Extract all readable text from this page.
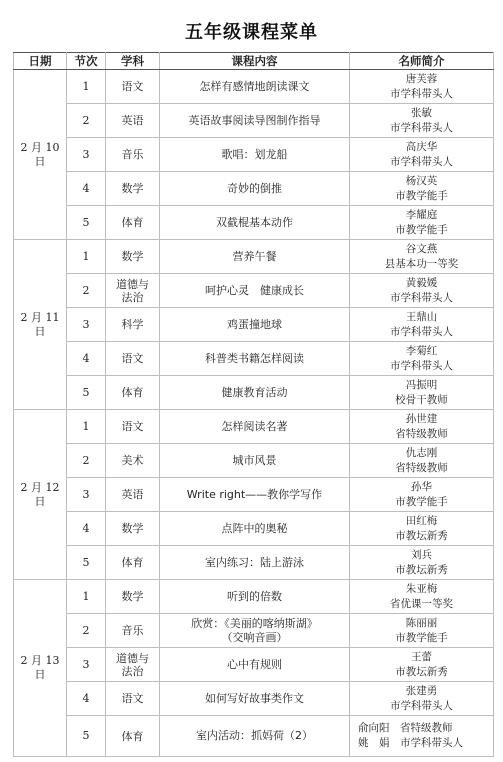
五年级课程菜单
日期	节次	学科	课程内容	名师简介
2 月 10 日	1	语文	怎样有感情地朗读课文	唐芙蓉
市学科带头人

	2	英语	英语故事阅读导图制作指导	张敏
市学科带头人

	3	音乐	歌唱：划龙船	高庆华
市学科带头人

	4	数学	奇妙的倒推	杨汉英
市教学能手

	5	体育	双截棍基本动作	李耀庭
市教学能手

2 月 11 日	1	数学	营养午餐	谷文燕
县基本功一等奖

	2	道德与
法治	呵护心灵　健康成长	黄毅媛
市学科带头人

	3	科学	鸡蛋撞地球	王鼎山
市学科带头人

	4	语文	科普类书籍怎样阅读	李菊红
市学科带头人

	5	体育	健康教育活动	冯振明
校骨干教师

2 月 12 日	1	语文	怎样阅读名著	孙世建
省特级教师

	2	美术	城市风景	仇志刚
省特级教师

	3	英语	Write right——教你学写作	孙华
市教学能手

	4	数学	点阵中的奥秘	田红梅
市教坛新秀

	5	体育	室内练习：陆上游泳	刘兵
市教坛新秀

2 月 13 日	1	数学	听到的倍数	朱亚梅
省优课一等奖

	2	音乐	欣赏：《美丽的喀纳斯湖》
（交响音画）	陈丽丽
市教学能手

	3	道德与
法治	心中有规则	王蕾
市教坛新秀

	4	语文	如何写好故事类作文	张建勇
市学科带头人

	5	体育	室内活动：抓妈荷（2）	俞向阳　省特级教师
姚　娟　市学科带头人
